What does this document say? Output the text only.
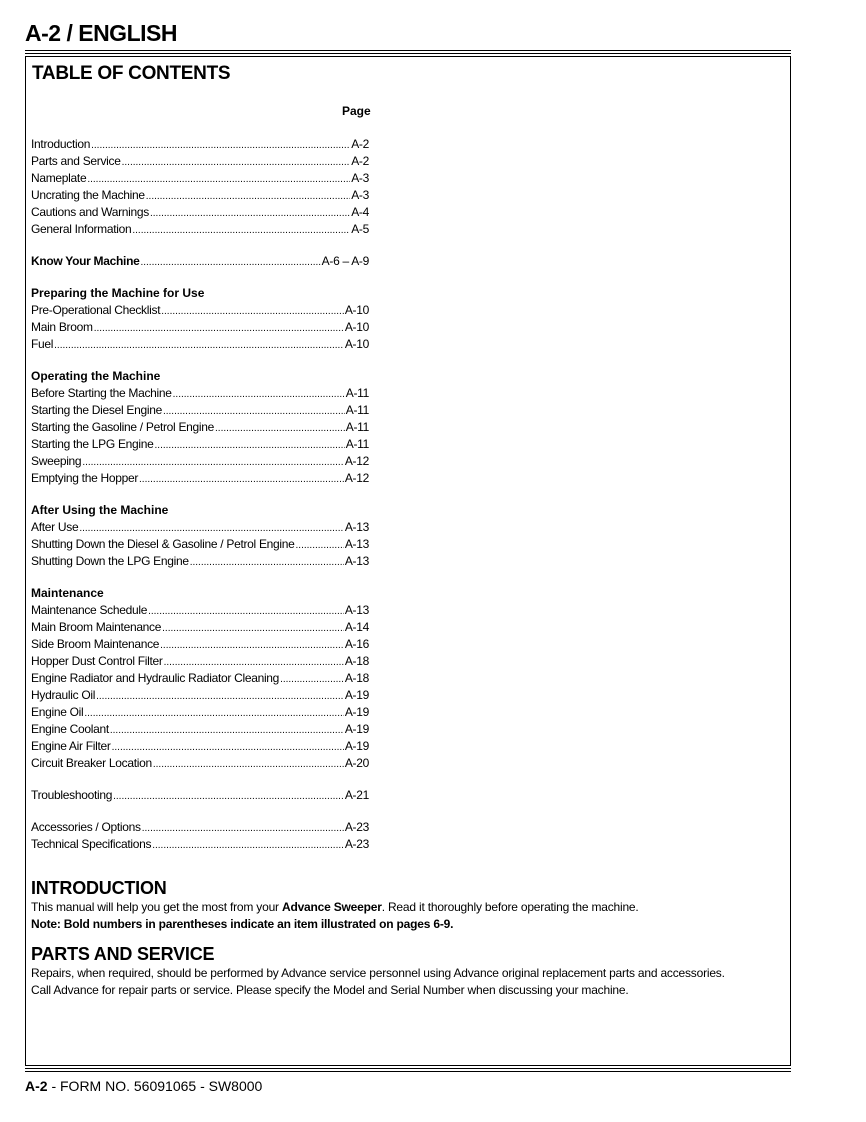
A-2 / ENGLISH
TABLE OF CONTENTS
Page
Introduction .....	A-2
Parts and Service .....	A-2
Nameplate .....	A-3
Uncrating the Machine .....	A-3
Cautions and Warnings .....	A-4
General Information .....	A-5
Know Your Machine .....	A-6 – A-9
Preparing the Machine for Use
Pre-Operational Checklist .....	A-10
Main Broom .....	A-10
Fuel .....	A-10
Operating the Machine
Before Starting the Machine .....	A-11
Starting the Diesel Engine .....	A-11
Starting the Gasoline / Petrol Engine .....	A-11
Starting the LPG Engine .....	A-11
Sweeping .....	A-12
Emptying the Hopper .....	A-12
After Using the Machine
After Use .....	A-13
Shutting Down the Diesel & Gasoline / Petrol Engine .....	A-13
Shutting Down the LPG Engine .....	A-13
Maintenance
Maintenance Schedule .....	A-13
Main Broom Maintenance .....	A-14
Side Broom Maintenance .....	A-16
Hopper Dust Control Filter .....	A-18
Engine Radiator and Hydraulic Radiator Cleaning .....	A-18
Hydraulic Oil .....	A-19
Engine Oil .....	A-19
Engine Coolant .....	A-19
Engine Air Filter .....	A-19
Circuit Breaker Location .....	A-20
Troubleshooting .....	A-21
Accessories / Options .....	A-23
Technical Specifications .....	A-23
INTRODUCTION
This manual will help you get the most from your Advance Sweeper. Read it thoroughly before operating the machine.
Note: Bold numbers in parentheses indicate an item illustrated on pages 6-9.
PARTS AND SERVICE
Repairs, when required, should be performed by Advance service personnel using Advance original replacement parts and accessories.
Call Advance for repair parts or service. Please specify the Model and Serial Number when discussing your machine.
A-2 - FORM NO. 56091065 - SW8000
